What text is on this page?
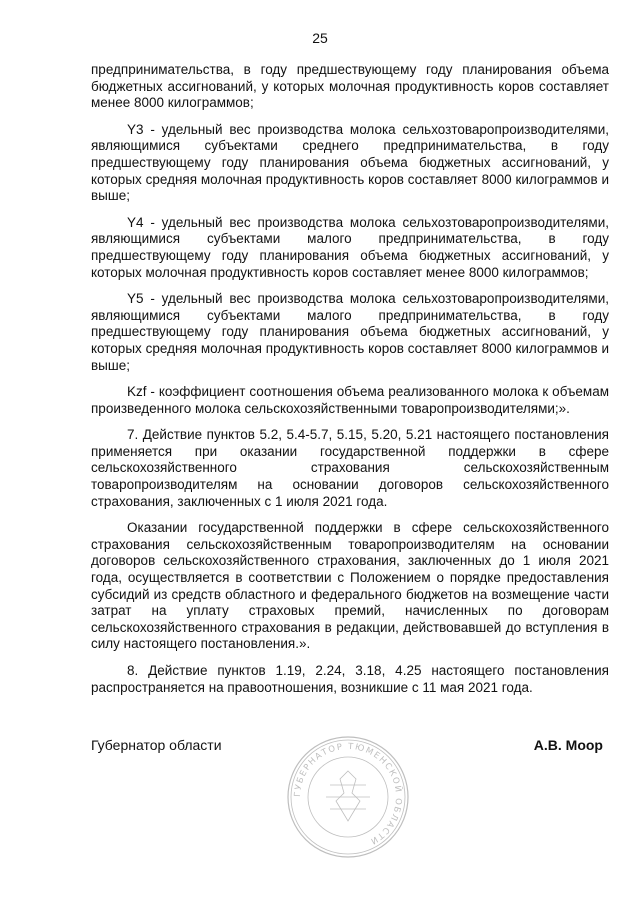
25

предпринимательства, в году предшествующему году планирования объема бюджетных ассигнований, у которых молочная продуктивность коров составляет менее 8000 килограммов;

Y3 - удельный вес производства молока сельхозтоваропроизводителями, являющимися субъектами среднего предпринимательства, в году предшествующему году планирования объема бюджетных ассигнований, у которых средняя молочная продуктивность коров составляет 8000 килограммов и выше;

Y4 - удельный вес производства молока сельхозтоваропроизводителями, являющимися субъектами малого предпринимательства, в году предшествующему году планирования объема бюджетных ассигнований, у которых молочная продуктивность коров составляет менее 8000 килограммов;

Y5 - удельный вес производства молока сельхозтоваропроизводителями, являющимися субъектами малого предпринимательства, в году предшествующему году планирования объема бюджетных ассигнований, у которых средняя молочная продуктивность коров составляет 8000 килограммов и выше;

Kzf - коэффициент соотношения объема реализованного молока к объемам произведенного молока сельскохозяйственными товаропроизводителями;».

7. Действие пунктов 5.2, 5.4-5.7, 5.15, 5.20, 5.21 настоящего постановления применяется при оказании государственной поддержки в сфере сельскохозяйственного страхования сельскохозяйственным товаропроизводителям на основании договоров сельскохозяйственного страхования, заключенных с 1 июля 2021 года.

Оказании государственной поддержки в сфере сельскохозяйственного страхования сельскохозяйственным товаропроизводителям на основании договоров сельскохозяйственного страхования, заключенных до 1 июля 2021 года, осуществляется в соответствии с Положением о порядке предоставления субсидий из средств областного и федерального бюджетов на возмещение части затрат на уплату страховых премий, начисленных по договорам сельскохозяйственного страхования в редакции, действовавшей до вступления в силу настоящего постановления.».

8. Действие пунктов 1.19, 2.24, 3.18, 4.25 настоящего постановления распространяется на правоотношения, возникшие с 11 мая 2021 года.

Губернатор области	А.В. Моор
ГУБЕРНАТОР ТЮМЕНСКОЙ ОБЛАСТИ
